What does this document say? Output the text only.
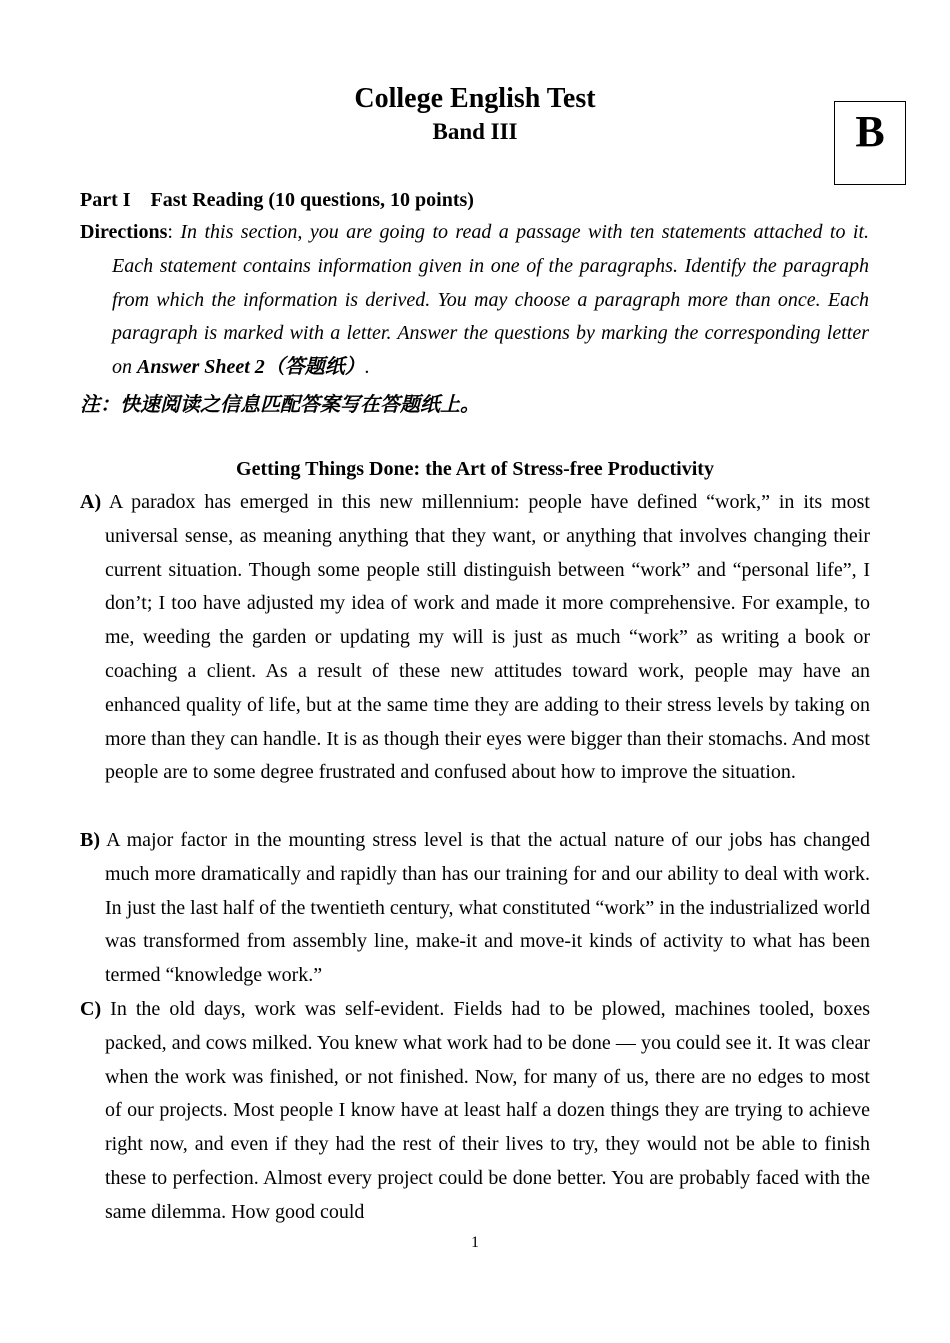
College English Test
Band III	B
Part I    Fast Reading (10 questions, 10 points)
Directions: In this section, you are going to read a passage with ten statements attached to it. Each statement contains information given in one of the paragraphs. Identify the paragraph from which the information is derived. You may choose a paragraph more than once. Each paragraph is marked with a letter. Answer the questions by marking the corresponding letter on Answer Sheet 2（答题纸）.
注：快速阅读之信息匹配答案写在答题纸上。
Getting Things Done: the Art of Stress-free Productivity
A) A paradox has emerged in this new millennium: people have defined “work,” in its most universal sense, as meaning anything that they want, or anything that involves changing their current situation. Though some people still distinguish between “work” and “personal life”, I don’t; I too have adjusted my idea of work and made it more comprehensive. For example, to me, weeding the garden or updating my will is just as much “work” as writing a book or coaching a client. As a result of these new attitudes toward work, people may have an enhanced quality of life, but at the same time they are adding to their stress levels by taking on more than they can handle. It is as though their eyes were bigger than their stomachs. And most people are to some degree frustrated and confused about how to improve the situation.
B) A major factor in the mounting stress level is that the actual nature of our jobs has changed much more dramatically and rapidly than has our training for and our ability to deal with work. In just the last half of the twentieth century, what constituted “work” in the industrialized world was transformed from assembly line, make-it and move-it kinds of activity to what has been termed “knowledge work.”
C) In the old days, work was self-evident. Fields had to be plowed, machines tooled, boxes packed, and cows milked. You knew what work had to be done — you could see it. It was clear when the work was finished, or not finished. Now, for many of us, there are no edges to most of our projects. Most people I know have at least half a dozen things they are trying to achieve right now, and even if they had the rest of their lives to try, they would not be able to finish these to perfection. Almost every project could be done better. You are probably faced with the same dilemma. How good could
1
